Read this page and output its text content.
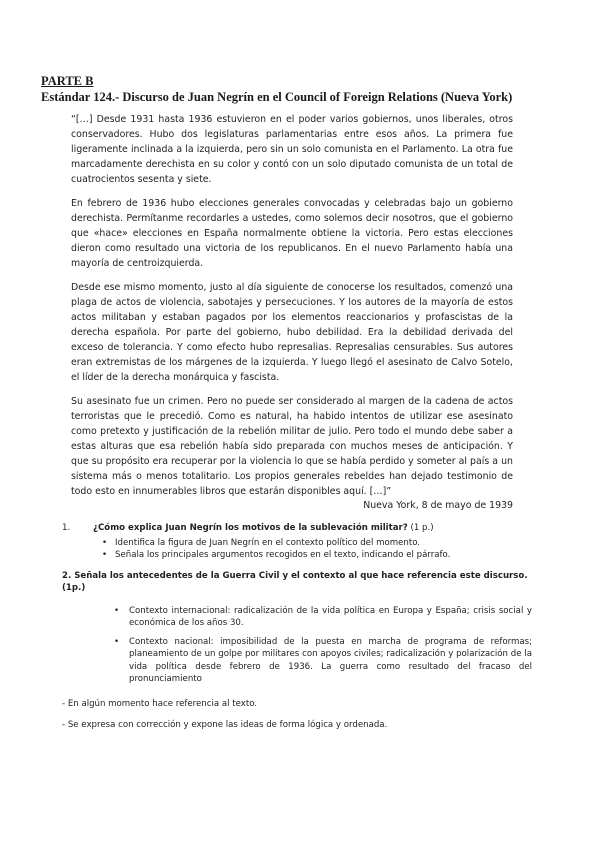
PARTE B

Estándar 124.- Discurso de Juan Negrín en el Council of Foreign Relations (Nueva York)

“[…] Desde 1931 hasta 1936 estuvieron en el poder varios gobiernos, unos liberales, otros conservadores. Hubo dos legislaturas parlamentarias entre esos años. La primera fue ligeramente inclinada a la izquierda, pero sin un solo comunista en el Parlamento. La otra fue marcadamente derechista en su color y contó con un solo diputado comunista de un total de cuatrocientos sesenta y siete.

En febrero de 1936 hubo elecciones generales convocadas y celebradas bajo un gobierno derechista. Permítanme recordarles a ustedes, como solemos decir nosotros, que el gobierno que «hace» elecciones en España normalmente obtiene la victoria. Pero estas elecciones dieron como resultado una victoria de los republicanos. En el nuevo Parlamento había una mayoría de centroizquierda.

Desde ese mismo momento, justo al día siguiente de conocerse los resultados, comenzó una plaga de actos de violencia, sabotajes y persecuciones. Y los autores de la mayoría de estos actos militaban y estaban pagados por los elementos reaccionarios y profascistas de la derecha española. Por parte del gobierno, hubo debilidad. Era la debilidad derivada del exceso de tolerancia. Y como efecto hubo represalias. Represalias censurables. Sus autores eran extremistas de los márgenes de la izquierda. Y luego llegó el asesinato de Calvo Sotelo, el líder de la derecha monárquica y fascista.

Su asesinato fue un crimen. Pero no puede ser considerado al margen de la cadena de actos terroristas que le precedió. Como es natural, ha habido intentos de utilizar ese asesinato como pretexto y justificación de la rebelión militar de julio. Pero todo el mundo debe saber a estas alturas que esa rebelión había sido preparada con muchos meses de anticipación. Y que su propósito era recuperar por la violencia lo que se había perdido y someter al país a un sistema más o menos totalitario. Los propios generales rebeldes han dejado testimonio de todo esto en innumerables libros que estarán disponibles aquí. […]”

Nueva York, 8 de mayo de 1939

1.	¿Cómo explica Juan Negrín los motivos de la sublevación militar? (1 p.)

• Identifica la figura de Juan Negrín en el contexto político del momento.
• Señala los principales argumentos recogidos en el texto, indicando el párrafo.

2. Señala los antecedentes de la Guerra Civil y el contexto al que hace referencia este discurso.
(1p.)

• Contexto internacional: radicalización de la vida política en Europa y España; crisis social y económica de los años 30.
• Contexto nacional: imposibilidad de la puesta en marcha de programa de reformas; planeamiento de un golpe por militares con apoyos civiles; radicalización y polarización de la vida política desde febrero de 1936. La guerra como resultado del fracaso del pronunciamiento

- En algún momento hace referencia al texto.

- Se expresa con corrección y expone las ideas de forma lógica y ordenada.
